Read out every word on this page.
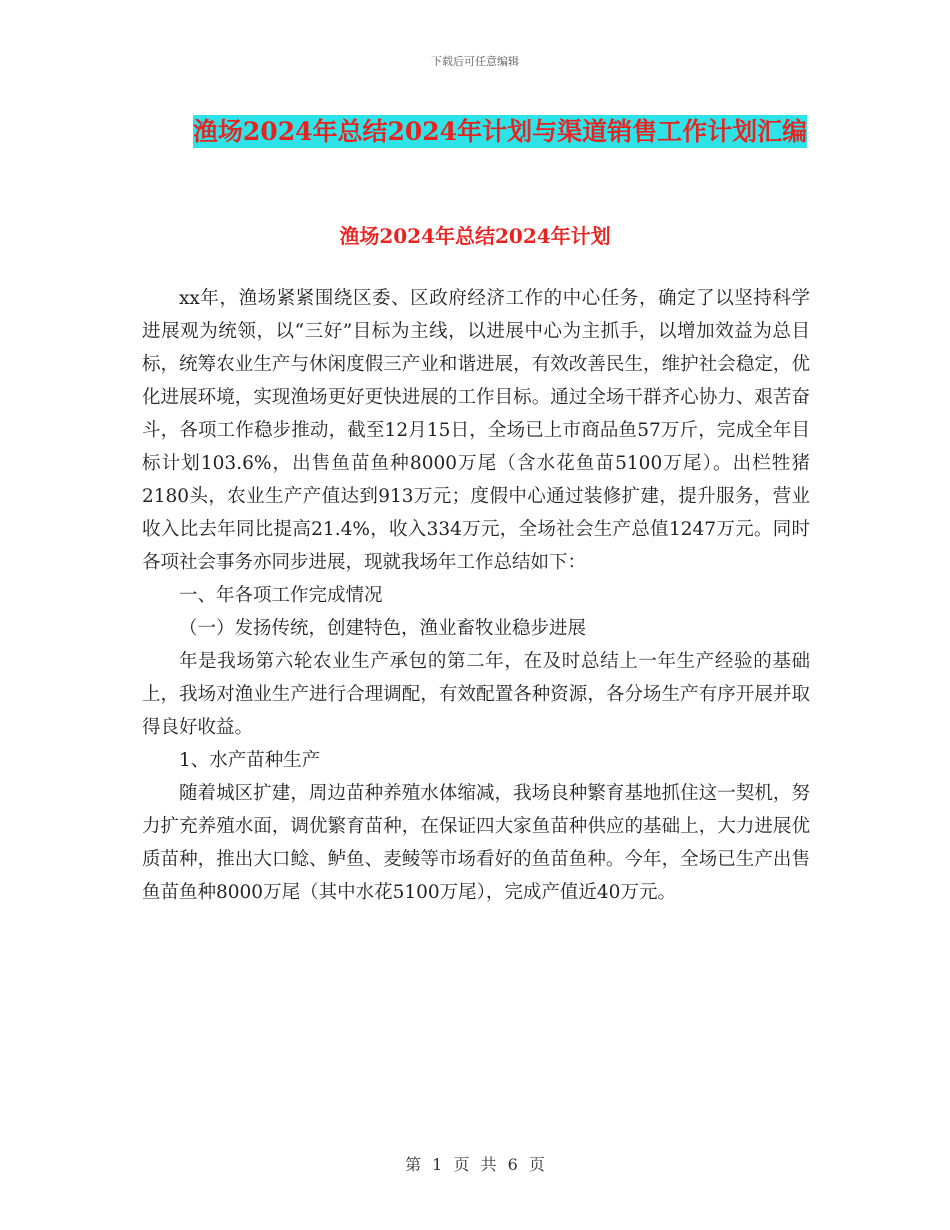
下载后可任意编辑
渔场2024年总结2024年计划与渠道销售工作计划汇编
渔场2024年总结2024年计划

xx年，渔场紧紧围绕区委、区政府经济工作的中心任务，确定了以坚持科学进展观为统领，以“三好”目标为主线，以进展中心为主抓手，以增加效益为总目标，统筹农业生产与休闲度假三产业和谐进展，有效改善民生，维护社会稳定，优化进展环境，实现渔场更好更快进展的工作目标。通过全场干群齐心协力、艰苦奋斗，各项工作稳步推动，截至12月15日，全场已上市商品鱼57万斤，完成全年目标计划103.6%，出售鱼苗鱼种8000万尾（含水花鱼苗5100万尾）。出栏牲猪2180头，农业生产产值达到913万元；度假中心通过装修扩建，提升服务，营业收入比去年同比提高21.4%，收入334万元，全场社会生产总值1247万元。同时各项社会事务亦同步进展，现就我场年工作总结如下：

一、年各项工作完成情况

（一）发扬传统，创建特色，渔业畜牧业稳步进展

年是我场第六轮农业生产承包的第二年，在及时总结上一年生产经验的基础上，我场对渔业生产进行合理调配，有效配置各种资源，各分场生产有序开展并取得良好收益。

1、水产苗种生产

随着城区扩建，周边苗种养殖水体缩减，我场良种繁育基地抓住这一契机，努力扩充养殖水面，调优繁育苗种，在保证四大家鱼苗种供应的基础上，大力进展优质苗种，推出大口鲶、鲈鱼、麦鲮等市场看好的鱼苗鱼种。今年，全场已生产出售鱼苗鱼种8000万尾（其中水花5100万尾），完成产值近40万元。

第 1 页 共 6 页
